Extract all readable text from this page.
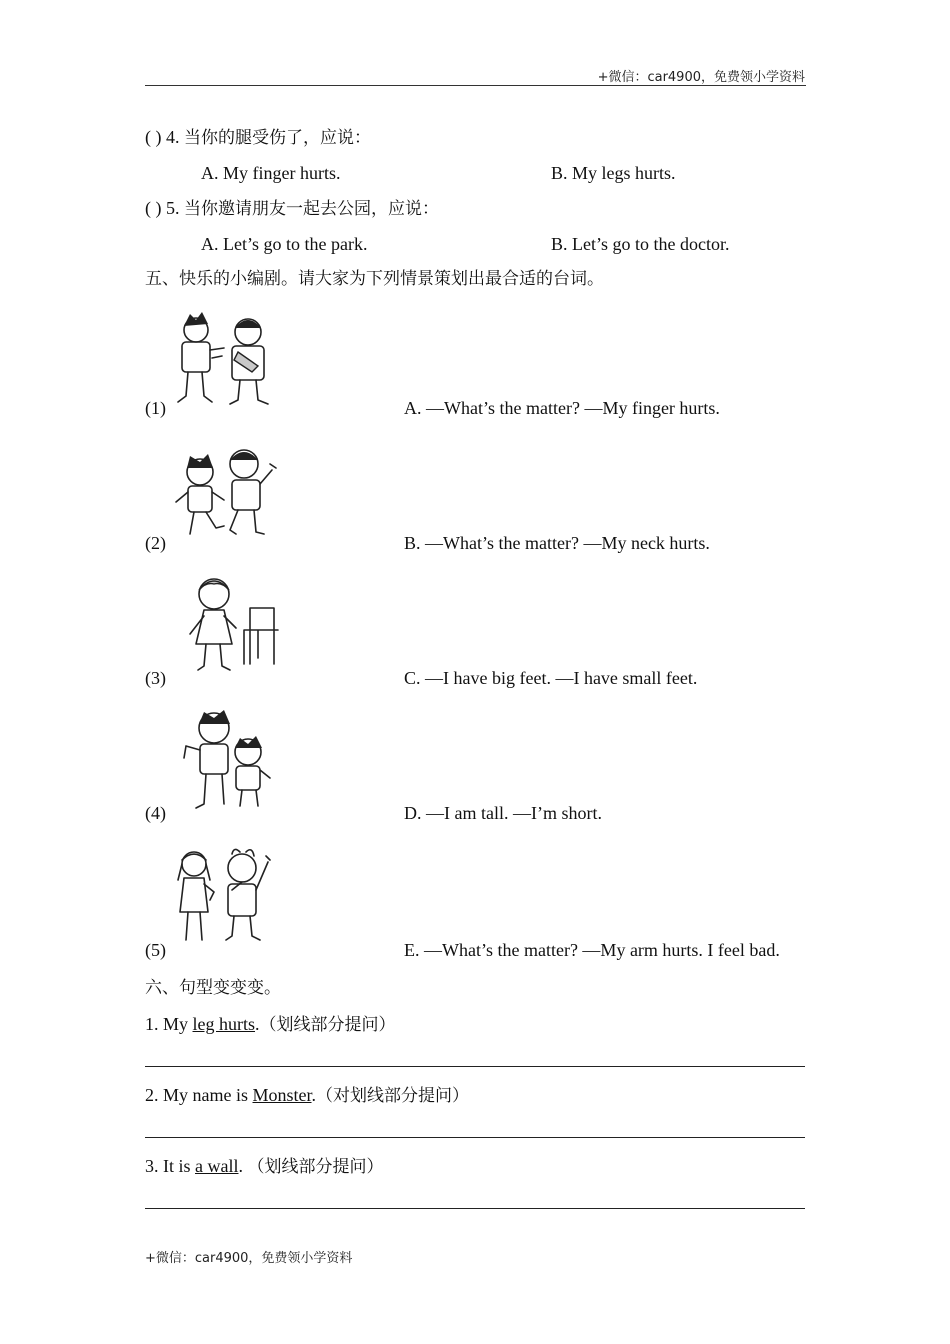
+微信：car4900，免费领小学资料
( ) 4. 当你的腿受伤了，应说：
A. My finger hurts.	B. My legs hurts.
( ) 5. 当你邀请朋友一起去公园，应说：
A. Let’s go to the park.	B. Let’s go to the doctor.
五、快乐的小编剧。请大家为下列情景策划出最合适的台词。
(1)	A. —What’s the matter? —My finger hurts.
(2)	B. —What’s the matter? —My neck hurts.
(3)	C. —I have big feet. —I have small feet.
(4)	D. —I am tall. —I’m short.
(5)	E. —What’s the matter? —My arm hurts. I feel bad.
六、句型变变变。
1. My leg hurts.（划线部分提问）
2. My name is Monster.（对划线部分提问）
3. It is a wall. （划线部分提问）
+微信：car4900，免费领小学资料
